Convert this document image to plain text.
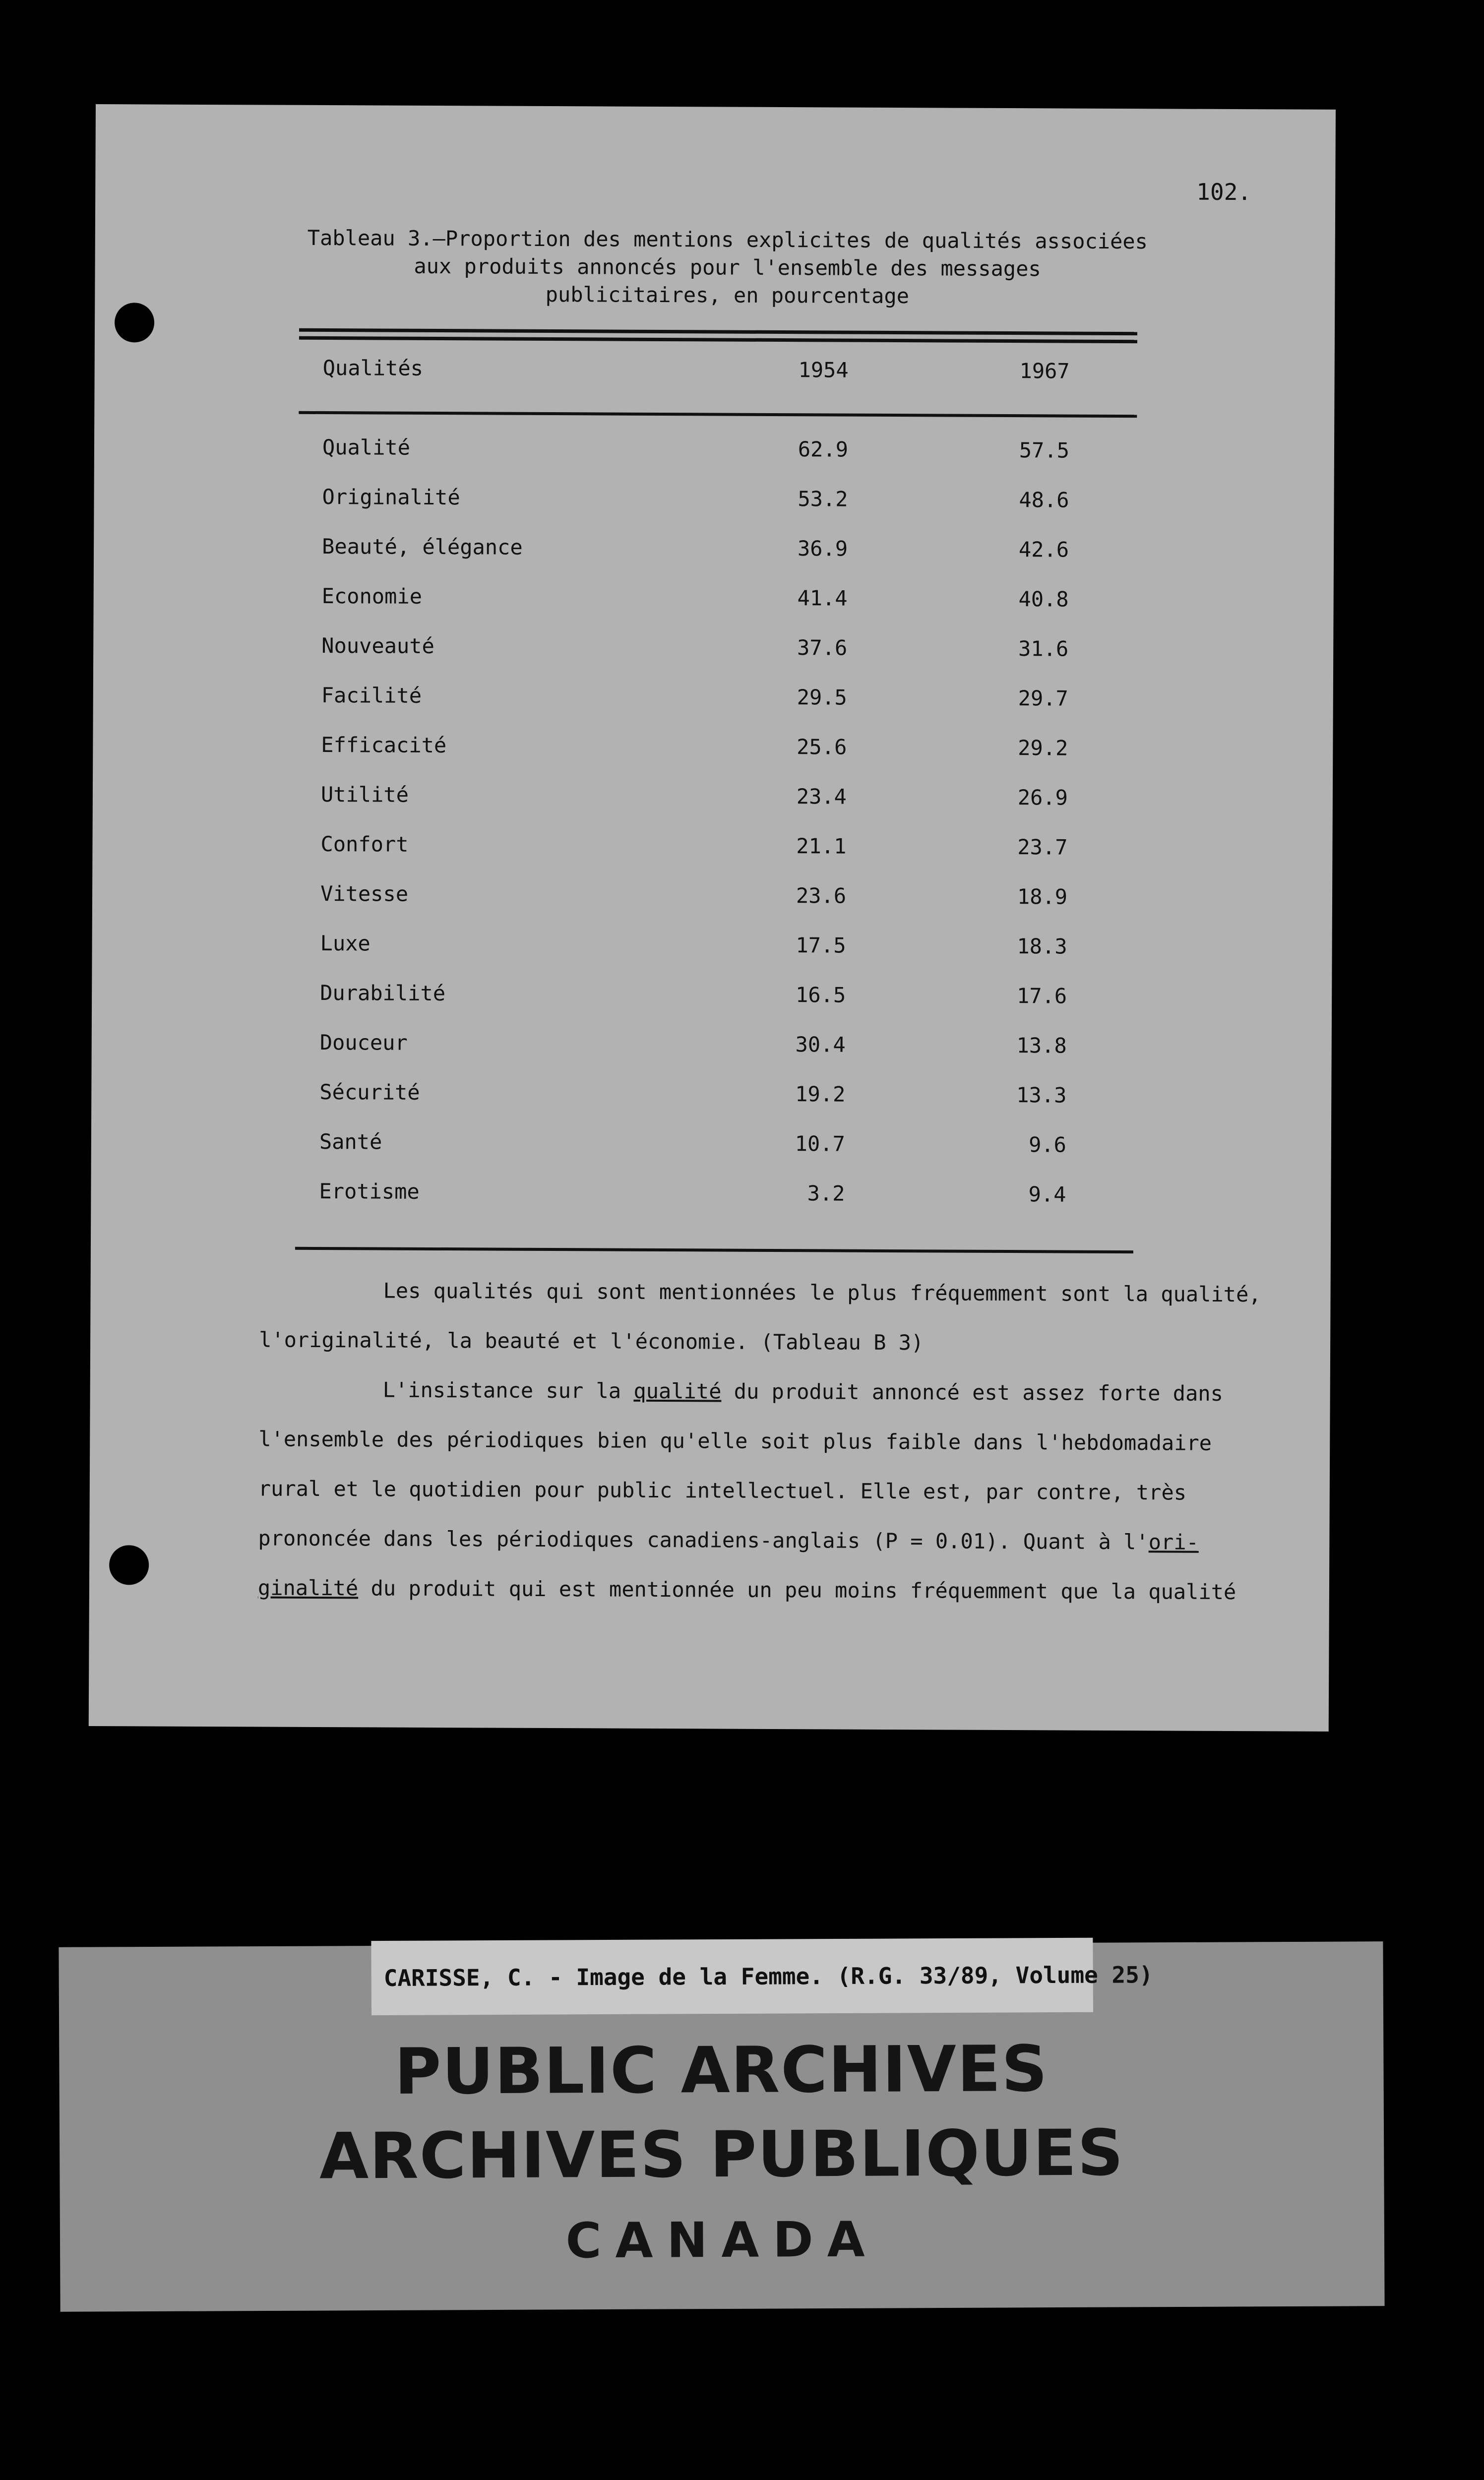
102.
Tableau 3.—Proportion des mentions explicites de qualités associées
aux produits annoncés pour l'ensemble des messages
publicitaires, en pourcentage
Qualités	1954	1967
Qualité	62.9	57.5
Originalité	53.2	48.6
Beauté, élégance	36.9	42.6
Economie	41.4	40.8
Nouveauté	37.6	31.6
Facilité	29.5	29.7
Efficacité	25.6	29.2
Utilité	23.4	26.9
Confort	21.1	23.7
Vitesse	23.6	18.9
Luxe	17.5	18.3
Durabilité	16.5	17.6
Douceur	30.4	13.8
Sécurité	19.2	13.3
Santé	10.7	9.6
Erotisme	3.2	9.4
Les qualités qui sont mentionnées le plus fréquemment sont la qualité,
l'originalité, la beauté et l'économie. (Tableau B 3)
L'insistance sur la qualité du produit annoncé est assez forte dans
l'ensemble des périodiques bien qu'elle soit plus faible dans l'hebdomadaire
rural et le quotidien pour public intellectuel. Elle est, par contre, très
prononcée dans les périodiques canadiens-anglais (P = 0.01). Quant à l'ori-
ginalité du produit qui est mentionnée un peu moins fréquemment que la qualité
CARISSE, C. - Image de la Femme. (R.G. 33/89, Volume 25)
PUBLIC ARCHIVES
ARCHIVES PUBLIQUES
CANADA
